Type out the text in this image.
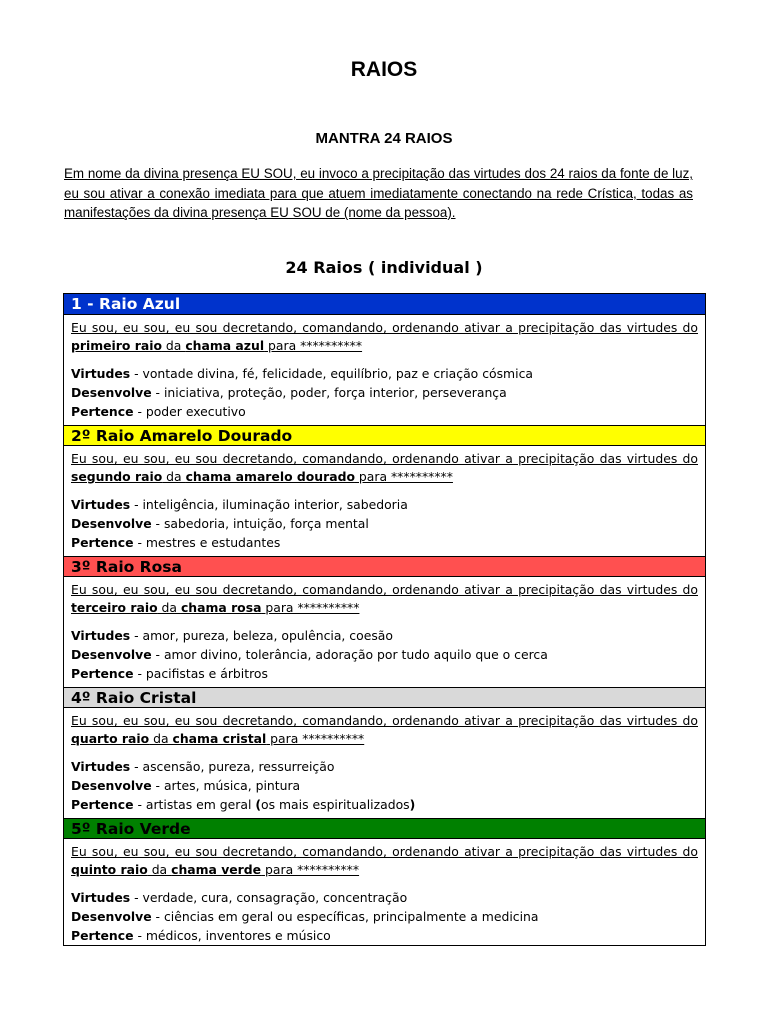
RAIOS
MANTRA 24 RAIOS
Em nome da divina presença EU SOU, eu invoco a precipitação das virtudes dos 24 raios da fonte de luz, eu sou ativar a conexão imediata para que atuem imediatamente conectando na rede Crística, todas as manifestações da divina presença EU SOU de (nome da pessoa).
24 Raios ( individual )
1 - Raio Azul
Eu sou, eu sou, eu sou decretando, comandando, ordenando ativar a precipitação das virtudes do primeiro raio da chama azul para **********
Virtudes - vontade divina, fé, felicidade, equilíbrio, paz e criação cósmica
Desenvolve - iniciativa, proteção, poder, força interior, perseverança
Pertence - poder executivo
2º Raio Amarelo Dourado
Eu sou, eu sou, eu sou decretando, comandando, ordenando ativar a precipitação das virtudes do segundo raio da chama amarelo dourado para **********
Virtudes - inteligência, iluminação interior, sabedoria
Desenvolve - sabedoria, intuição, força mental
Pertence - mestres e estudantes
3º Raio Rosa
Eu sou, eu sou, eu sou decretando, comandando, ordenando ativar a precipitação das virtudes do terceiro raio da chama rosa para **********
Virtudes - amor, pureza, beleza, opulência, coesão
Desenvolve - amor divino, tolerância, adoração por tudo aquilo que o cerca
Pertence - pacifistas e árbitros
4º Raio Cristal
Eu sou, eu sou, eu sou decretando, comandando, ordenando ativar a precipitação das virtudes do quarto raio da chama cristal para **********
Virtudes - ascensão, pureza, ressurreição
Desenvolve - artes, música, pintura
Pertence - artistas em geral (os mais espiritualizados)
5º Raio Verde
Eu sou, eu sou, eu sou decretando, comandando, ordenando ativar a precipitação das virtudes do quinto raio da chama verde para **********
Virtudes - verdade, cura, consagração, concentração
Desenvolve - ciências em geral ou específicas, principalmente a medicina
Pertence - médicos, inventores e músico
